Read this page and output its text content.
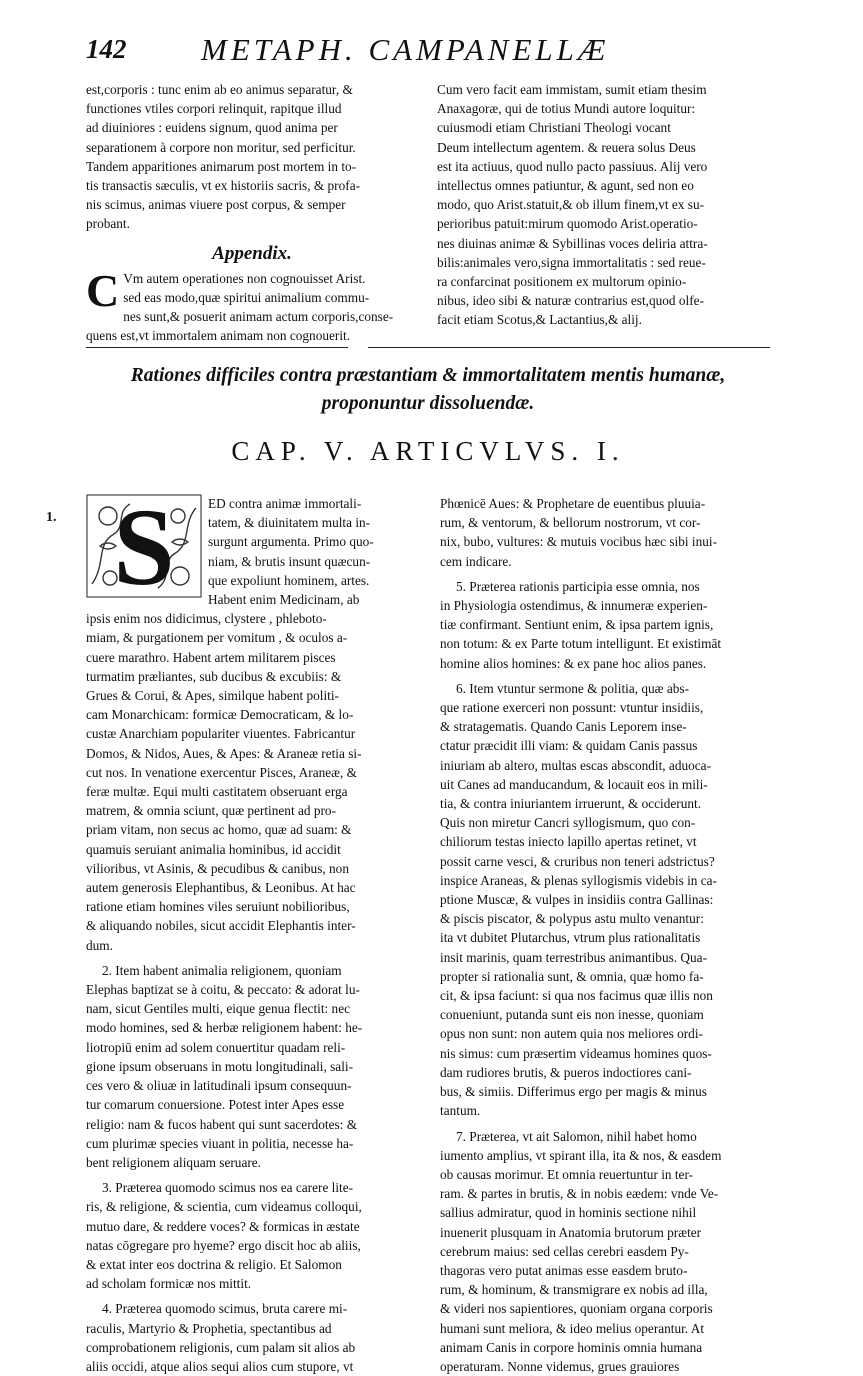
142 METAPH. CAMPANELLÆ
est,corporis : tunc enim ab eo animus separatur, &
functiones vtiles corpori relinquit, rapitque illud
ad diuiniores : euidens signum, quod anima per
separationem à corpore non moritur, sed perficitur.
Tandem apparitiones animarum post mortem in to-
tis transactis sæculis, vt ex historiis sacris, & profa-
nis scimus, animas viuere post corpus, & semper
probant.
Appendix.
C Vm autem operationes non cognouisset Arist.
sed eas modo,quæ spiritui animalium commu-
nes sunt,& posuerit animam actum corporis,conse-
quens est,vt immortalem animam non cognouerit.
Cum vero facit eam immistam, sumit etiam thesim
Anaxagoræ, qui de totius Mundi autore loquitur:
cuiusmodi etiam Christiani Theologi vocant
Deum intellectum agentem. & reuera solus Deus
est ita actiuus, quod nullo pacto passiuus. Alij vero
intellectus omnes patiuntur, & agunt, sed non eo
modo, quo Arist.statuit,& ob illum finem,vt ex su-
perioribus patuit:mirum quomodo Arist.operatio-
nes diuinas animæ & Sybillinas voces deliria attra-
bilis:animales vero,signa immortalitatis : sed reue-
ra confarcinat positionem ex multorum opinio-
nibus, ideo sibi & naturæ contrarius est,quod olfe-
facit etiam Scotus,& Lactantius,& alij.
Rationes difficiles contra præstantiam & immortalitatem mentis humanæ,
proponuntur dissoluendæ.
CAP. V. ARTICVLVS. I.
1. S	ED contra animæ immortali-
tatem, & diuinitatem multa in-
surgunt argumenta. Primo quo-
niam, & brutis insunt quæcun-
que expoliunt hominem, artes.
Habent enim Medicinam, ab
ipsis enim nos didicimus, clystere , phleboto-
miam, & purgationem per vomitum , & oculos a-
cuere marathro. Habent artem militarem pisces
turmatim præliantes, sub ducibus & excubiis: &
Grues & Corui, & Apes, similque habent politi-
cam Monarchicam: formicæ Democraticam, & lo-
custæ Anarchiam populariter viuentes. Fabricantur
Domos, & Nidos, Aues, & Apes: & Araneæ retia si-
cut nos. In venatione exercentur Pisces, Araneæ, &
feræ multæ. Equi multi castitatem obseruant erga
matrem, & omnia sciunt, quæ pertinent ad pro-
priam vitam, non secus ac homo, quæ ad suam: &
quamuis seruiant animalia hominibus, id accidit
vilioribus, vt Asinis, & pecudibus & canibus, non
autem generosis Elephantibus, & Leonibus. At hac
ratione etiam homines viles seruiunt nobilioribus,
& aliquando nobiles, sicut accidit Elephantis inter-
dum.
2. Item habent animalia religionem, quoniam
Elephas baptizat se à coitu, & peccato: & adorat lu-
nam, sicut Gentiles multi, eique genua flectit: nec
modo homines, sed & herbæ religionem habent: he-
liotropiū enim ad solem conuertitur quadam reli-
gione ipsum obseruans in motu longitudinali, sali-
ces vero & oliuæ in latitudinali ipsum consequun-
tur comarum conuersione. Potest inter Apes esse
religio: nam & fucos habent qui sunt sacerdotes: &
cum plurimæ species viuant in politia, necesse ha-
bent religionem aliquam seruare.
3. Præterea quomodo scimus nos ea carere lite-
ris, & religione, & scientia, cum videamus colloqui,
mutuo dare, & reddere voces? & formicas in æstate
natas cōgregare pro hyeme? ergo discit hoc ab aliis,
& extat inter eos doctrina & religio. Et Salomon
ad scholam formicæ nos mittit.
4. Præterea quomodo scimus, bruta carere mi-
raculis, Martyrio & Prophetia, spectantibus ad
comprobationem religionis, cum palam sit alios ab
aliis occidi, atque alios sequi alios cum stupore, vt
Phœnicē Aues: & Prophetare de euentibus pluuia-
rum, & ventorum, & bellorum nostrorum, vt cor-
nix, bubo, vultures: & mutuis vocibus hæc sibi inui-
cem indicare.
5. Præterea rationis participia esse omnia, nos
in Physiologia ostendimus, & innumeræ experien-
tiæ confirmant. Sentiunt enim, & ipsa partem ignis,
non totum: & ex Parte totum intelligunt. Et existimāt
homine alios homines: & ex pane hoc alios panes.
6. Item vtuntur sermone & politia, quæ abs-
que ratione exerceri non possunt: vtuntur insidiis,
& stratagematis. Quando Canis Leporem inse-
ctatur præcidit illi viam: & quidam Canis passus
iniuriam ab altero, multas escas abscondit, aduoca-
uit Canes ad manducandum, & locauit eos in mili-
tia, & contra iniuriantem irruerunt, & occiderunt.
Quis non miretur Cancri syllogismum, quo con-
chiliorum testas iniecto lapillo apertas retinet, vt
possit carne vesci, & cruribus non teneri adstrictus?
inspice Araneas, & plenas syllogismis videbis in ca-
ptione Muscæ, & vulpes in insidiis contra Gallinas:
& piscis piscator, & polypus astu multo venantur:
ita vt dubitet Plutarchus, vtrum plus rationalitatis
insit marinis, quam terrestribus animantibus. Qua-
propter si rationalia sunt, & omnia, quæ homo fa-
cit, & ipsa faciunt: si qua nos facimus quæ illis non
conueniunt, putanda sunt eis non inesse, quoniam
opus non sunt: non autem quia nos meliores ordi-
nis simus: cum præsertim videamus homines quos-
dam rudiores brutis, & pueros indoctiores cani-
bus, & simiis. Differimus ergo per magis & minus
tantum.
7. Præterea, vt ait Salomon, nihil habet homo
iumento amplius, vt spirant illa, ita & nos, & easdem
ob causas morimur. Et omnia reuertuntur in ter-
ram. & partes in brutis, & in nobis eædem: vnde Ve-
sallius admiratur, quod in hominis sectione nihil
inuenerit plusquam in Anatomia brutorum præter
cerebrum maius: sed cellas cerebri easdem Py-
thagoras vero putat animas esse easdem bruto-
rum, & hominum, & transmigrare ex nobis ad illa,
& videri nos sapientiores, quoniam organa corporis
humani sunt meliora, & ideo melius operantur. At
animam Canis in corpore hominis omnia humana
operaturam. Nonne videmus, grues grauiores
